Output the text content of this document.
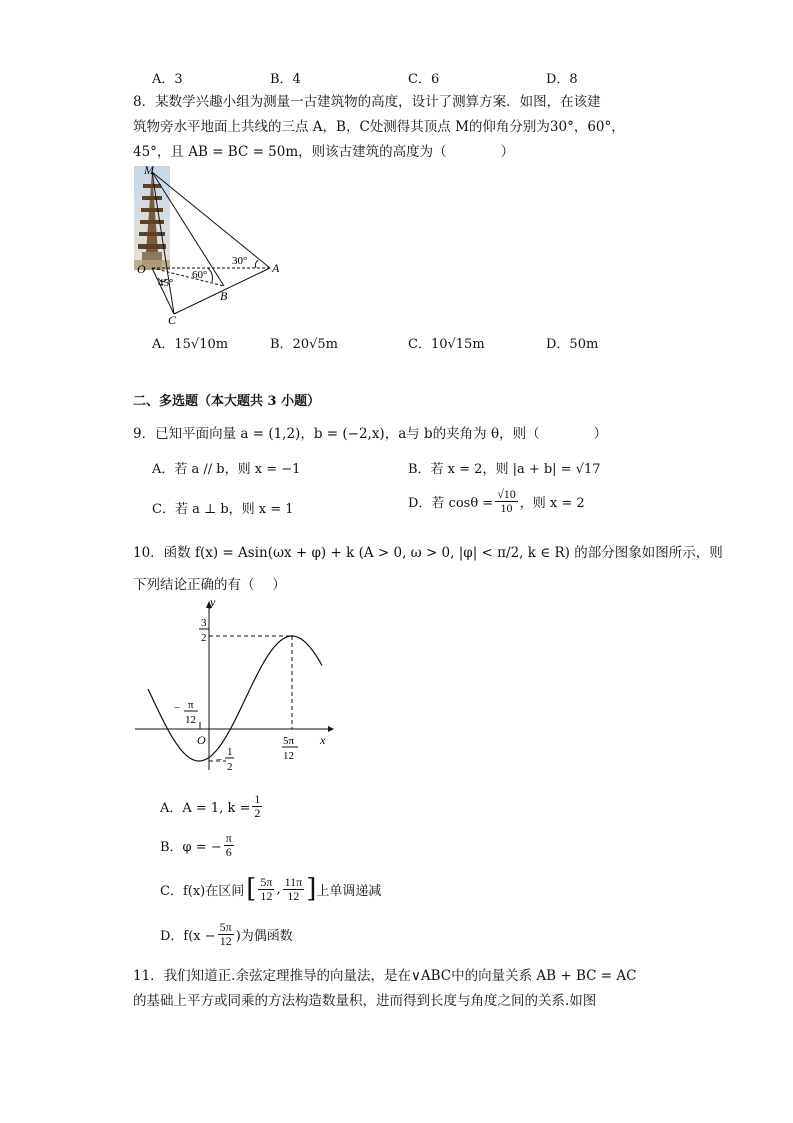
A．3	B．4	C．6	D．8
8．某数学兴趣小组为测量一古建筑物的高度，设计了测算方案．如图，在该建
筑物旁水平地面上共线的三点 A，B，C处测得其顶点 M的仰角分别为30°，60°，
45°，且 AB = BC = 50m，则该古建筑的高度为（　　　　）
M
O	A
B
C
30°
60°
45°
A．15√10m	B．20√5m	C．10√15m	D．50m
二、多选题（本大题共 3 小题）
9．已知平面向量 a = (1,2)，b = (−2,x)，a与 b的夹角为 θ，则（　　　　）
A．若 a // b，则 x = −1	B．若 x = 2，则 |a + b| = √17
C．若 a ⊥ b，则 x = 1	D．若 $\cos\theta = \frac{√10}{10}$ ，则 x = 2
10．函数 f(x) = Asin(ωx + φ) + k (A > 0, ω > 0, |φ| < π/2, k ∈ R) 的部分图象如图所示，则
下列结论正确的有（　 ）
y
x
O
3
2
−
1
2
− π
12
5π
12
A．A = 1, $k = \frac{1}{2}$
B．φ = − $\frac{\pi}{6}$
C．f(x)在区间 [ $\frac{5\pi}{12}$ , $\frac{11\pi}{12}$ ] 上单调递减
D．$f(x - \frac{5\pi}{12}$ )为偶函数
11．我们知道正.余弦定理推导的向量法，是在∨ABC中的向量关系 AB + BC = AC
的基础上平方或同乘的方法构造数量积，进而得到长度与角度之间的关系.如图
